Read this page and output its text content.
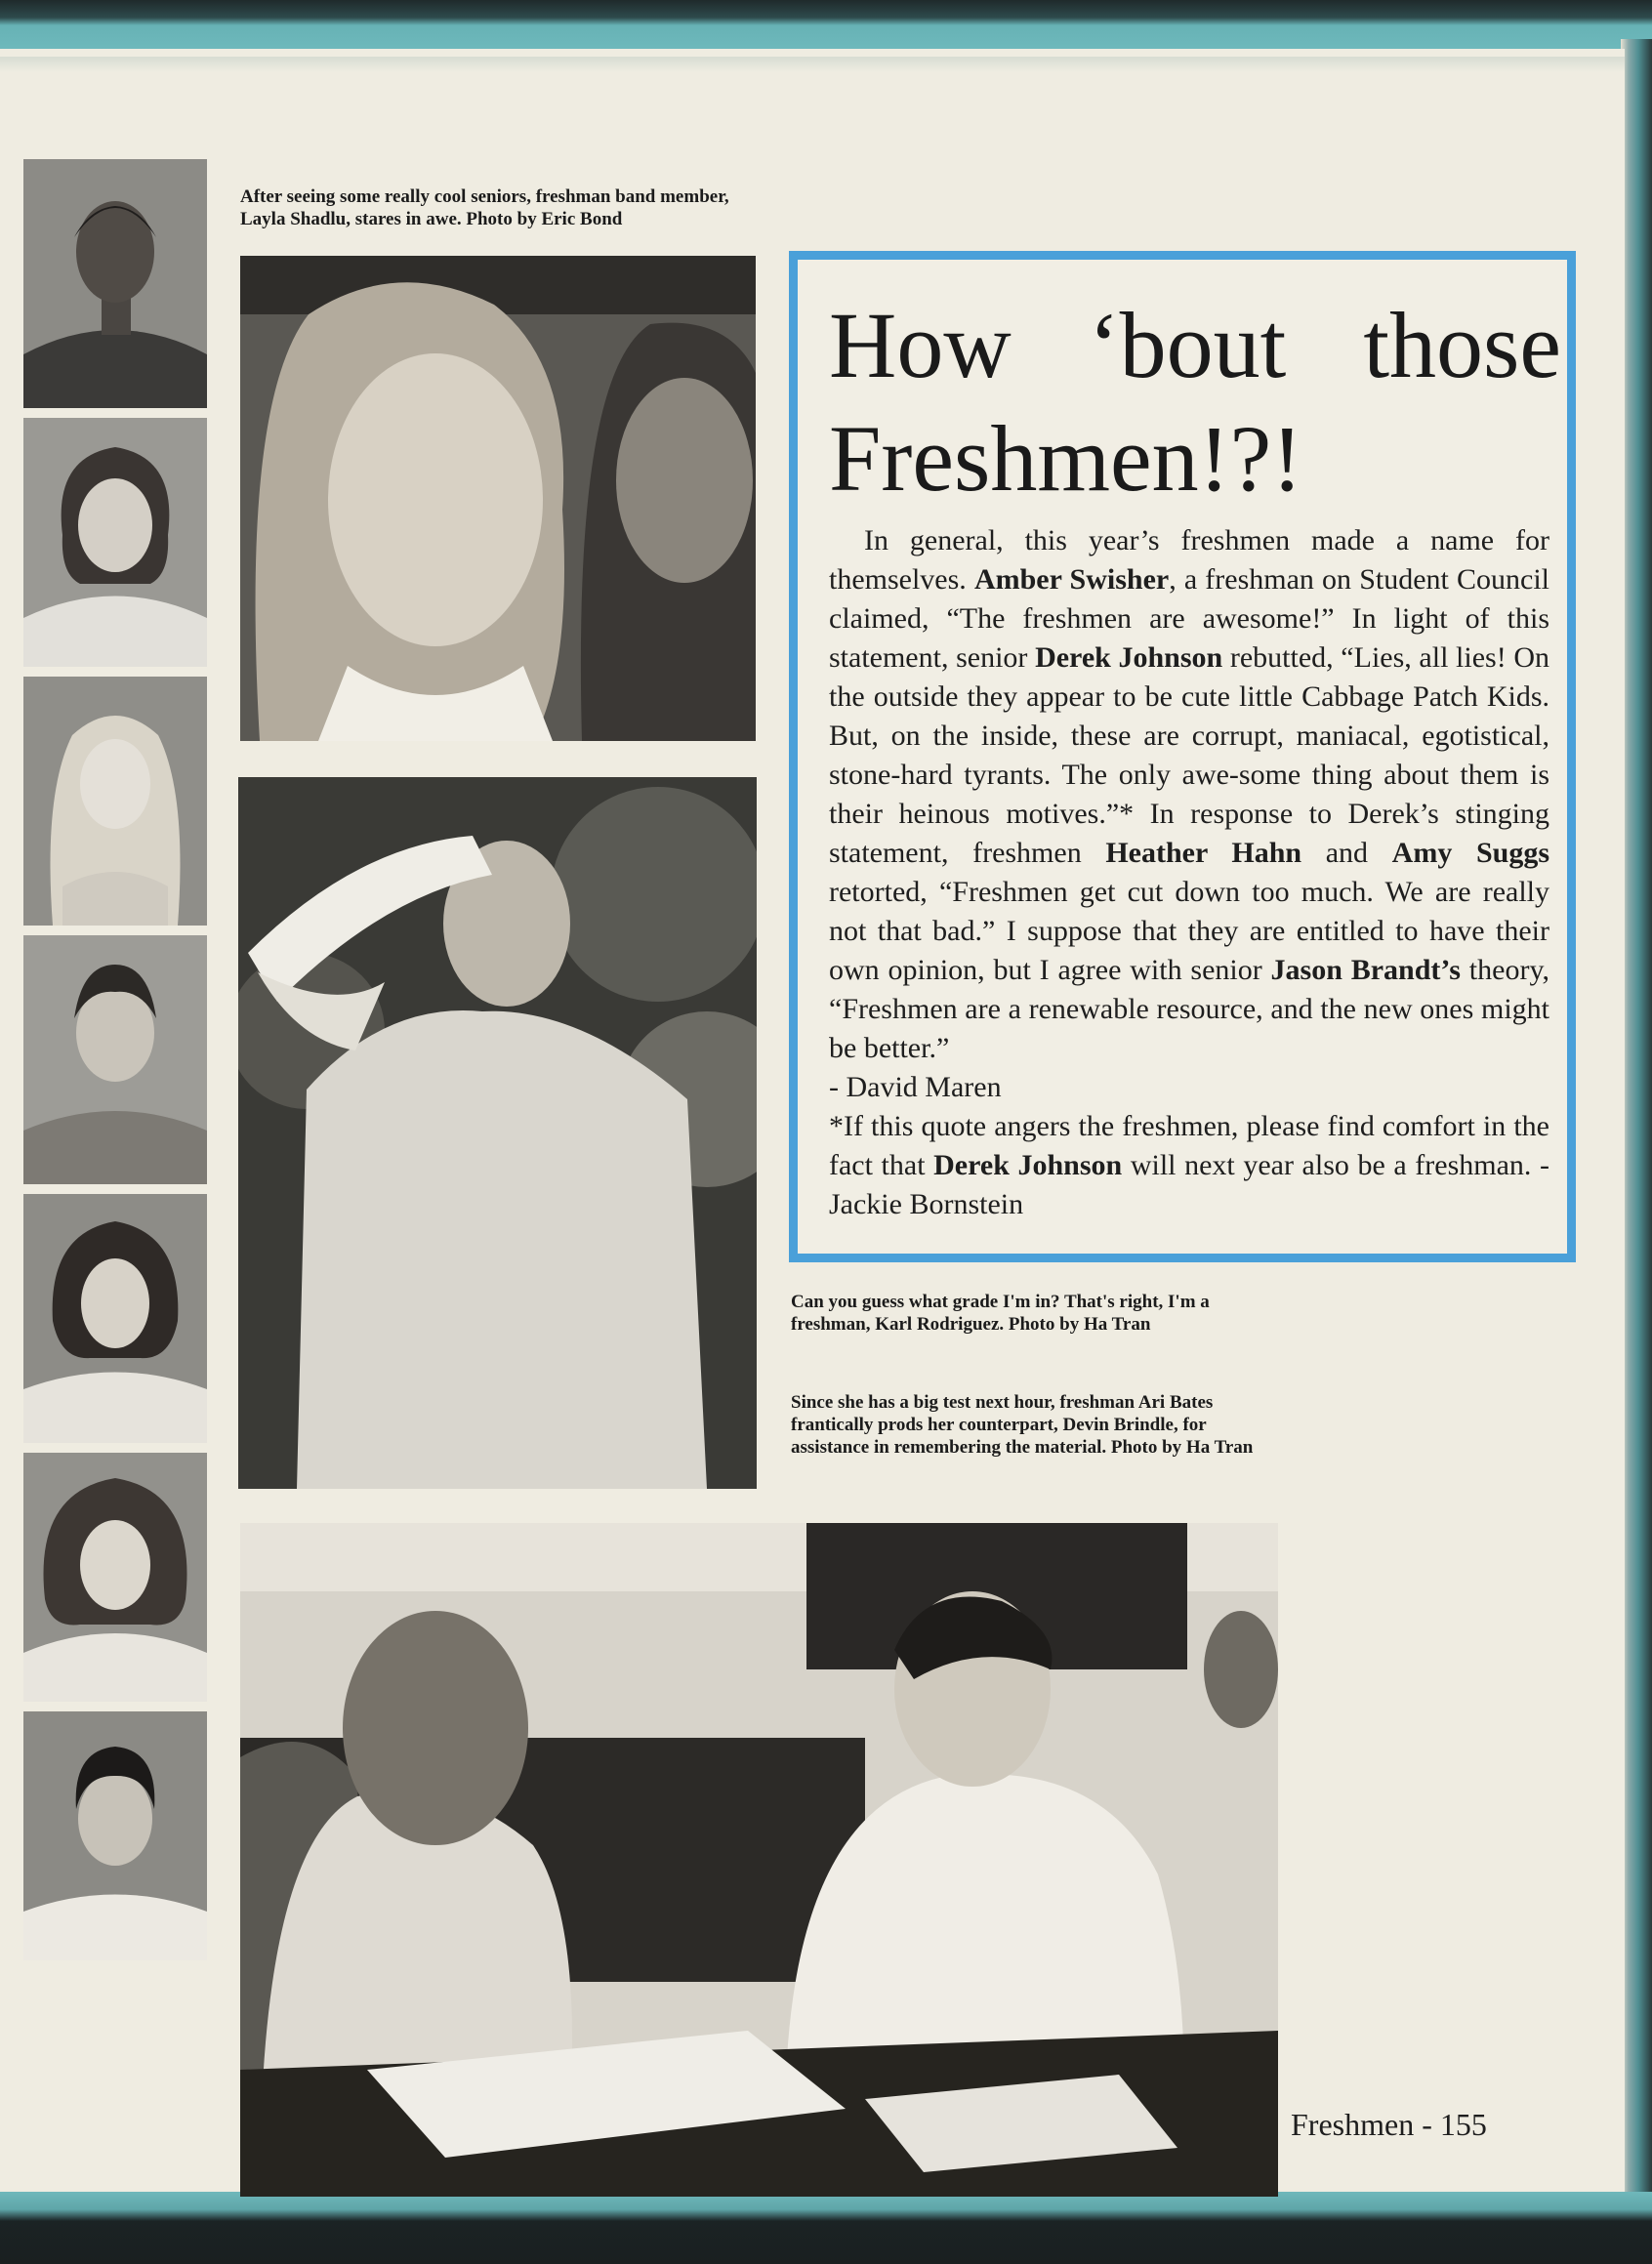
After seeing some really cool seniors, freshman band member, Layla Shadlu, stares in awe. Photo by Eric Bond
Can you guess what grade I'm in? That's right, I'm a freshman, Karl Rodriguez. Photo by Ha Tran
Since she has a big test next hour, freshman Ari Bates frantically prods her counterpart, Devin Brindle, for assistance in remembering the material. Photo by Ha Tran
How ‘bout those Freshmen!?!

In general, this year’s freshmen made a name for themselves. Amber Swisher, a freshman on Student Council claimed, “The freshmen are awesome!” In light of this statement, senior Derek Johnson rebutted, “Lies, all lies! On the outside they appear to be cute little Cabbage Patch Kids. But, on the inside, these are corrupt, maniacal, egotistical, stone-hard tyrants. The only awe-some thing about them is their heinous motives.”* In response to Derek’s stinging statement, freshmen Heather Hahn and Amy Suggs retorted, “Freshmen get cut down too much. We are really not that bad.” I suppose that they are entitled to have their own opinion, but I agree with senior Jason Brandt’s theory, “Freshmen are a renewable resource, and the new ones might be better.”

- David Maren

*If this quote angers the freshmen, please find comfort in the fact that Derek Johnson will next year also be a freshman. - Jackie Bornstein

Freshmen - 155
